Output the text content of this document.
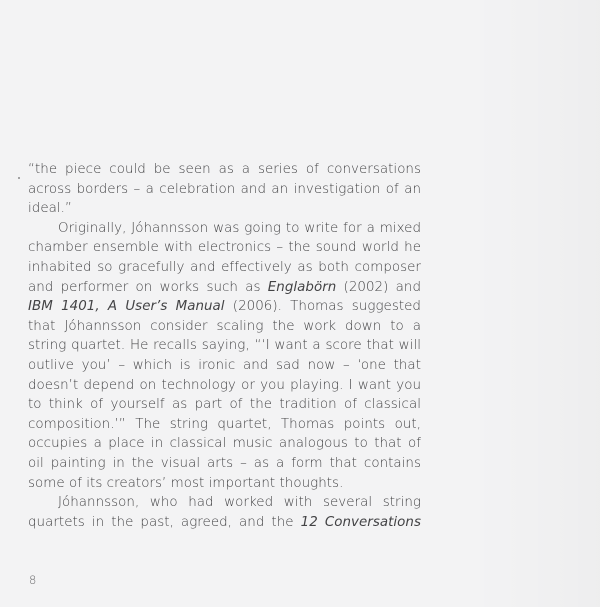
“the piece could be seen as a series of conversations across borders – a celebration and an investigation of an ideal.”

Originally, Jóhannsson was going to write for a mixed chamber ensemble with electronics – the sound world he inhabited so gracefully and effectively as both composer and performer on works such as Englabörn (2002) and IBM 1401, A User’s Manual (2006). Thomas suggested that Jóhannsson consider scaling the work down to a string quartet. He recalls saying, “‘I want a score that will outlive you’ – which is ironic and sad now – ‘one that doesn’t depend on technology or you playing. I want you to think of yourself as part of the tradition of classical composition.’” The string quartet, Thomas points out, occupies a place in classical music analogous to that of oil painting in the visual arts – as a form that contains some of its creators’ most important thoughts.

Jóhannsson, who had worked with several string quartets in the past, agreed, and the 12 Conversations

8
